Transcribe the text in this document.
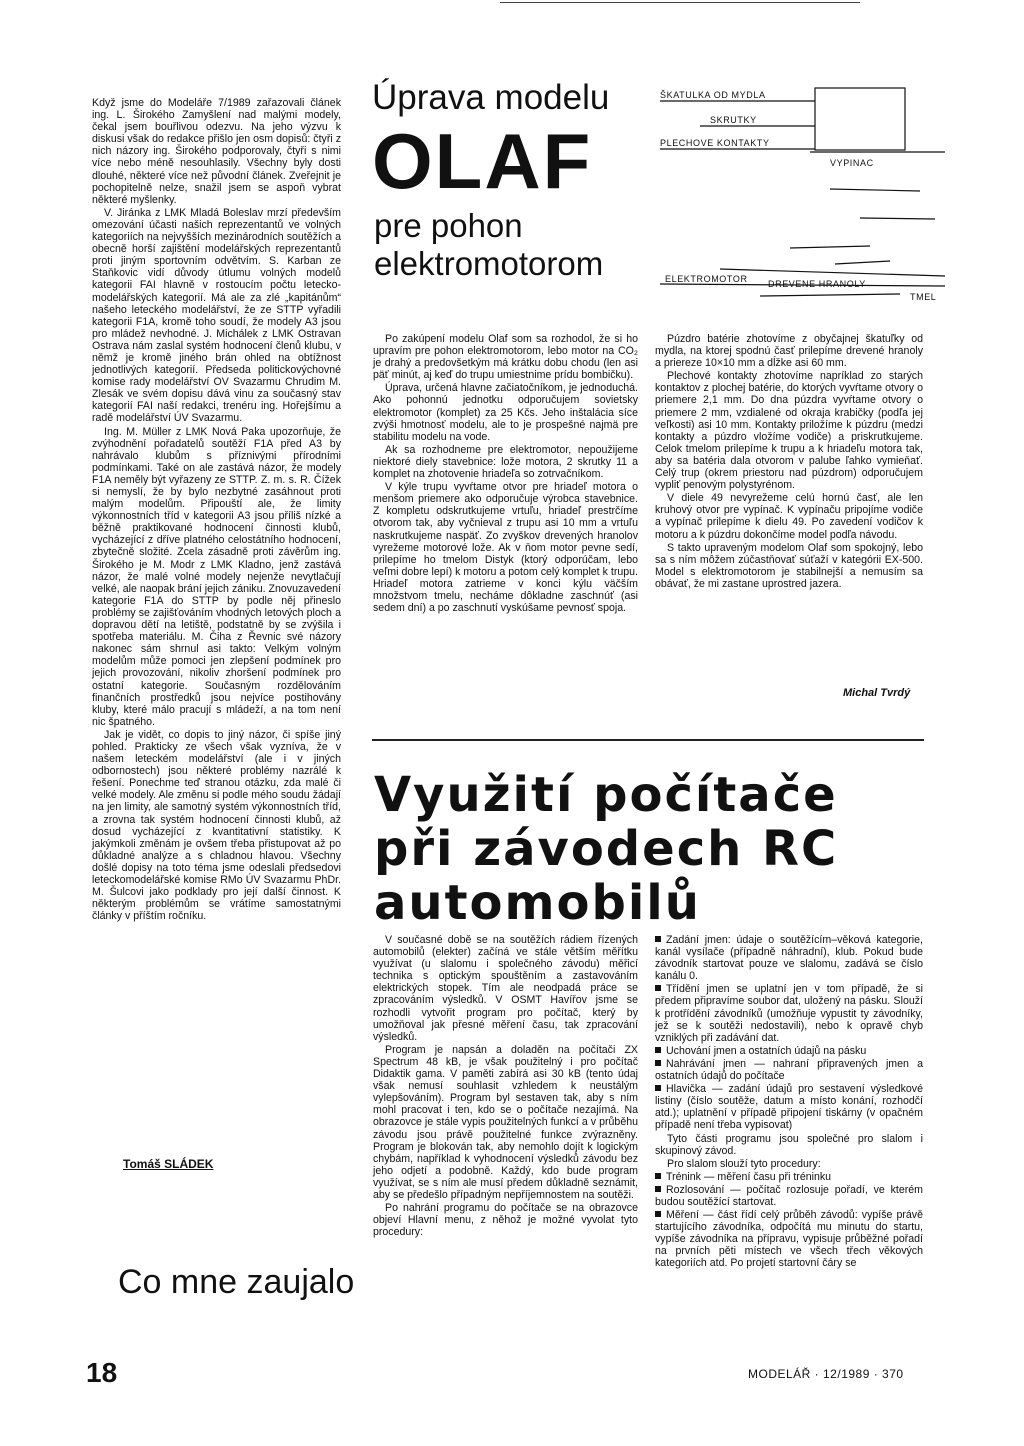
Když jsme do Modeláře 7/1989 zařazovali článek ing. L. Širokého Zamyšlení nad malými modely, čekal jsem bouřlivou odezvu. Na jeho výzvu k diskusi však do redakce přišlo jen osm dopisů: čtyři z nich názory ing. Širokého podporovaly, čtyři s nimi více nebo méně nesouhlasily. Všechny byly dosti dlouhé, některé více než původní článek. Zveřejnit je pochopitelně nelze, snažil jsem se aspoň vybrat některé myšlenky.

V. Jiránka z LMK Mladá Boleslav mrzí především omezování účasti našich reprezentantů ve volných kategoriích na nejvyšších mezinárodních soutěžích a obecně horší zajištění modelářských reprezentantů proti jiným sportovním odvětvím. S. Karban ze Staňkovic vidí důvody útlumu volných modelů kategorii FAI hlavně v rostoucím počtu leteckomodelářských kategorií. Má ale za zlé „kapitánům“ našeho leteckého modelářství, že ze STTP vyřadili kategorii F1A, kromě toho soudí, že modely A3 jsou pro mládež nevhodné. J. Michálek z LMK Ostravan Ostrava nám zaslal systém hodnocení členů klubu, v němž je kromě jiného brán ohled na obtížnost jednotlivých kategorií. Předseda politickovýchovné komise rady modelářství OV Svazarmu Chrudim M. Zlesák ve svém dopisu dává vinu za současný stav kategorií FAI naší redakci, trenéru ing. Hořejšímu a radě modelářství ÚV Svazarmu.

Ing. M. Müller z LMK Nová Paka upozorňuje, že zvýhodnění pořadatelů soutěží F1A před A3 by nahrávalo klubům s příznivými přírodními podmínkami. Také on ale zastává názor, že modely F1A neměly být vyřazeny ze STTP. Z. m. s. R. Čížek si nemyslí, že by bylo nezbytné zasáhnout proti malým modelům. Připouští ale, že limity výkonnostních tříd v kategorii A3 jsou příliš nízké a běžně praktikované hodnocení činnosti klubů, vycházející z dříve platného celostátního hodnocení, zbytečně složité. Zcela zásadně proti závěrům ing. Širokého je M. Modr z LMK Kladno, jenž zastává názor, že malé volné modely nejenže nevytlačují velké, ale naopak brání jejich zániku. Znovuzavedení kategorie F1A do STTP by podle něj přineslo problémy se zajišťováním vhodných letových ploch a dopravou dětí na letiště, podstatně by se zvýšila i spotřeba materiálu. M. Čiha z Řevnic své názory nakonec sám shrnul asi takto: Velkým volným modelům může pomoci jen zlepšení podmínek pro jejich provozování, nikoliv zhoršení podmínek pro ostatní kategorie. Současným rozdělováním finančních prostředků jsou nejvíce postihovány kluby, které málo pracují s mládeží, a na tom není nic špatného.

Jak je vidět, co dopis to jiný názor, či spíše jiný pohled. Prakticky ze všech však vyzníva, že v našem leteckém modelářství (ale i v jiných odbornostech) jsou některé problémy nazrálé k řešení. Ponechme teď stranou otázku, zda malé či velké modely. Ale změnu si podle mého soudu žádají na jen limity, ale samotný systém výkonnostních tříd, a zrovna tak systém hodnocení činnosti klubů, až dosud vycházející z kvantitativní statistiky. K jakýmkoli změnám je ovšem třeba přistupovat až po důkladné analýze a s chladnou hlavou. Všechny došlé dopisy na toto téma jsme odeslali předsedovi leteckomodelářské komise RMo ÚV Svazarmu PhDr. M. Šulcovi jako podklady pro její další činnost. K některým problémům se vrátíme samostatnými články v příštím ročníku.

Tomáš SLÁDEK
Co mne zaujalo
18
Úprava modelu
OLAF
pre pohon
elektromotorom
ŠKATULKA OD MYDLA
SKRUTKY
PLECHOVE KONTAKTY
VYPINAC
ELEKTROMOTOR DREVENE HRANOLY
TMEL

Po zakúpení modelu Olaf som sa rozhodol, že si ho upravím pre pohon elektromotorom, lebo motor na CO₂ je drahý a predovšetkým má krátku dobu chodu (len asi päť minút, aj keď do trupu umiestnime prídu bombičku).

Úprava, určená hlavne začiatočníkom, je jednoduchá. Ako pohonnú jednotku odporučujem sovietsky elektromotor (komplet) za 25 Kčs. Jeho inštalácia síce zvýši hmotnosť modelu, ale to je prospešné najmä pre stabilitu modelu na vode.

Ak sa rozhodneme pre elektromotor, nepoužijeme niektoré diely stavebnice: lože motora, 2 skrutky 11 a komplet na zhotovenie hriadeľa so zotrvačníkom.

V kýle trupu vyvŕtame otvor pre hriadeľ motora o menšom priemere ako odporučuje výrobca stavebnice. Z kompletu odskrutkujeme vrtuľu, hriadeľ prestrčíme otvorom tak, aby vyčnieval z trupu asi 10 mm a vrtuľu naskrutkujeme naspäť. Zo zvyškov drevených hranolov vyrežeme motorové lože. Ak v ňom motor pevne sedí, prilepíme ho tmelom Distyk (ktorý odporúčam, lebo veľmi dobre lepí) k motoru a potom celý komplet k trupu. Hriadeľ motora zatrieme v konci kýlu väčším množstvom tmelu, necháme dôkladne zaschnúť (asi sedem dní) a po zaschnutí vyskúšame pevnosť spoja.

Púzdro batérie zhotovíme z obyčajnej škatuľky od mydla, na ktorej spodnú časť prilepíme drevené hranoly a priereze 10×10 mm a dĺžke asi 60 mm.

Plechové kontakty zhotovíme napríklad zo starých kontaktov z plochej batérie, do ktorých vyvŕtame otvory o priemere 2,1 mm. Do dna púzdra vyvŕtame otvory o priemere 2 mm, vzdialené od okraja krabičky (podľa jej veľkosti) asi 10 mm. Kontakty priložíme k púzdru (medzi kontakty a púzdro vložíme vodiče) a priskrutkujeme. Celok tmelom prilepíme k trupu a k hriadeľu motora tak, aby sa batéria dala otvorom v palube ľahko vymieňať. Celý trup (okrem priestoru nad púzdrom) odporučujem vypliť penovým polystyrénom.

V diele 49 nevyrežeme celú hornú časť, ale len kruhový otvor pre vypínač. K vypínaču pripojíme vodiče a vypínač prilepíme k dielu 49. Po zavedení vodičov k motoru a k púzdru dokončíme model podľa návodu.

S takto upraveným modelom Olaf som spokojný, lebo sa s ním môžem zúčastňovať súťaží v kategórii EX-500. Model s elektromotorom je stabilnejší a nemusím sa obávať, že mi zastane uprostred jazera.

Michal Tvrdý
Využití počítače při závodech RC automobilů

V současné době se na soutěžích rádiem řízených automobilů (elekter) začíná ve stále větším měřítku využívat (u slalomu i společného závodu) měřicí technika s optickým spouštěním a zastavováním elektrických stopek. Tím ale neodpadá práce se zpracováním výsledků. V OSMT Havířov jsme se rozhodli vytvořit program pro počítač, který by umožňoval jak přesné měření času, tak zpracování výsledků.

Program je napsán a doladěn na počítači ZX Spectrum 48 kB, je však použitelný i pro počítač Didaktik gama. V paměti zabírá asi 30 kB (tento údaj však nemusí souhlasit vzhledem k neustálým vylepšováním). Program byl sestaven tak, aby s ním mohl pracovat i ten, kdo se o počítače nezajímá. Na obrazovce je stále vypis použitelných funkcí a v průběhu závodu jsou právě použitelné funkce zvýrazněny. Program je blokován tak, aby nemohlo dojít k logickým chybám, například k vyhodnocení výsledků závodu bez jeho odjetí a podobně. Každý, kdo bude program využívat, se s ním ale musí předem důkladně seznámit, aby se předešlo případným nepříjemnostem na soutěži.

Po nahrání programu do počítače se na obrazovce objeví Hlavní menu, z něhož je možné vyvolat tyto procedury:

Zadání jmen: údaje o soutěžícím–věková kategorie, kanál vysílače (případně náhradní), klub. Pokud bude závodník startovat pouze ve slalomu, zadává se číslo kanálu 0.

Třídění jmen se uplatní jen v tom případě, že si předem připravíme soubor dat, uložený na pásku. Slouží k protřídění závodníků (umožňuje vypustit ty závodníky, jež se k soutěži nedostavili), nebo k opravě chyb vzniklých při zadávání dat.

Uchování jmen a ostatních údajů na pásku

Nahrávání jmen — nahraní připravených jmen a ostatních údajů do počítače

Hlavička — zadání údajů pro sestavení výsledkové listiny (číslo soutěže, datum a místo konání, rozhodčí atd.); uplatnění v případě připojení tiskárny (v opačném případě není třeba vypisovat)

Tyto části programu jsou společné pro slalom i skupinový závod.

Pro slalom slouží tyto procedury:

Trénink — měření času při tréninku

Rozlosování — počítač rozlosuje pořadí, ve kterém budou soutěžící startovat.

Měření — část řídí celý průběh závodů: vypíše právě startujícího závodníka, odpočítá mu minutu do startu, vypíše závodníka na přípravu, vypisuje průběžné pořadí na prvních pěti místech ve všech třech věkových kategoriích atd. Po projetí startovní čáry se

MODELÁŘ · 12/1989 · 370
